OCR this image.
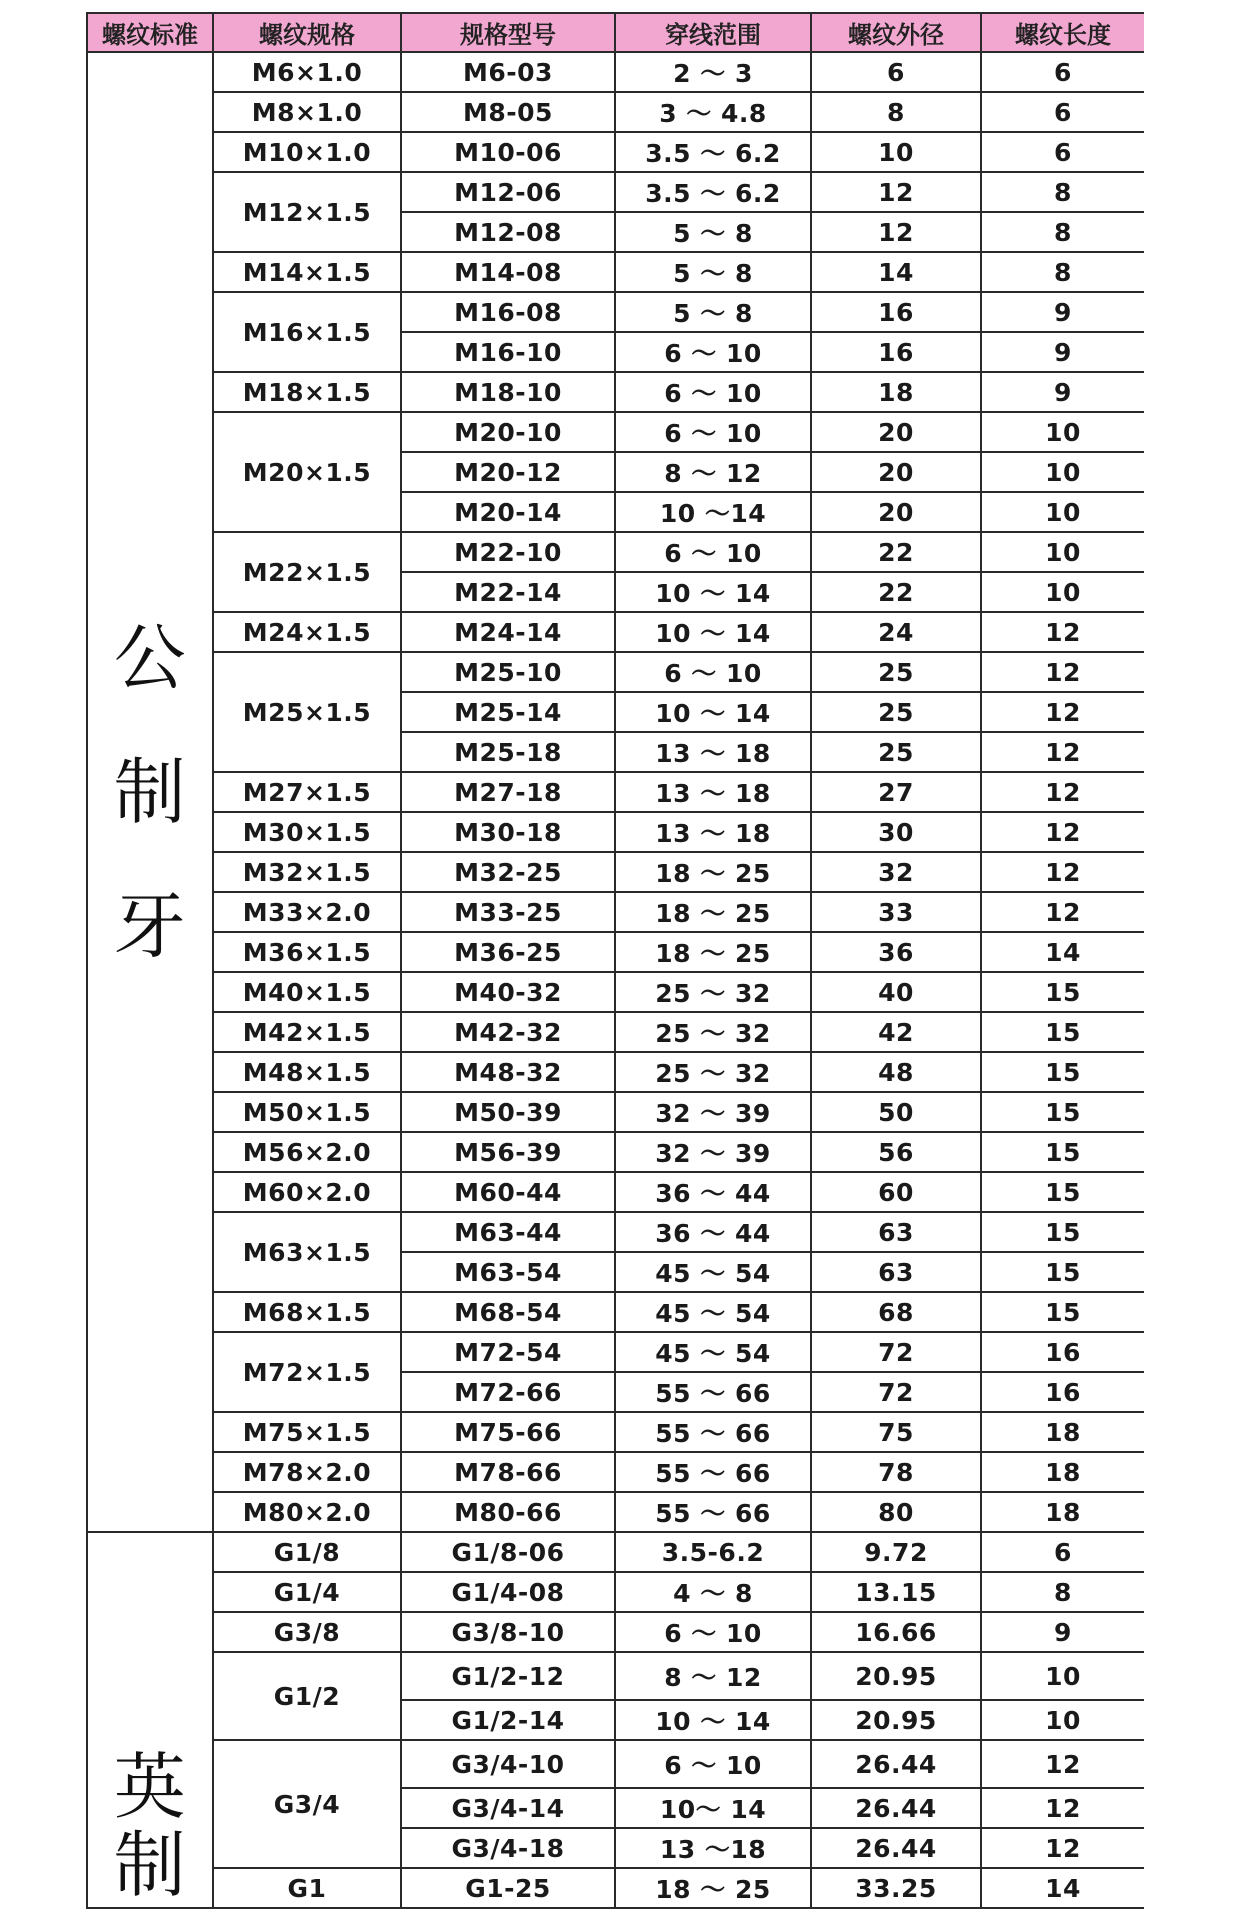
螺纹标准	螺纹规格	规格型号	穿线范围	螺纹外径	螺纹长度

公
制
牙	M6×1.0	M6-03	2 ～ 3	6	6
	M8×1.0	M8-05	3 ～ 4.8	8	6
	M10×1.0	M10-06	3.5 ～ 6.2	10	6
	M12×1.5	M12-06	3.5 ～ 6.2	12	8
		M12-08	5 ～ 8	12	8
	M14×1.5	M14-08	5 ～ 8	14	8
	M16×1.5	M16-08	5 ～ 8	16	9
		M16-10	6 ～ 10	16	9
	M18×1.5	M18-10	6 ～ 10	18	9
	M20×1.5	M20-10	6 ～ 10	20	10
		M20-12	8 ～ 12	20	10
		M20-14	10 ～14	20	10
	M22×1.5	M22-10	6 ～ 10	22	10
		M22-14	10 ～ 14	22	10
	M24×1.5	M24-14	10 ～ 14	24	12
	M25×1.5	M25-10	6 ～ 10	25	12
		M25-14	10 ～ 14	25	12
		M25-18	13 ～ 18	25	12
	M27×1.5	M27-18	13 ～ 18	27	12
	M30×1.5	M30-18	13 ～ 18	30	12
	M32×1.5	M32-25	18 ～ 25	32	12
	M33×2.0	M33-25	18 ～ 25	33	12
	M36×1.5	M36-25	18 ～ 25	36	14
	M40×1.5	M40-32	25 ～ 32	40	15
	M42×1.5	M42-32	25 ～ 32	42	15
	M48×1.5	M48-32	25 ～ 32	48	15
	M50×1.5	M50-39	32 ～ 39	50	15
	M56×2.0	M56-39	32 ～ 39	56	15
	M60×2.0	M60-44	36 ～ 44	60	15
	M63×1.5	M63-44	36 ～ 44	63	15
		M63-54	45 ～ 54	63	15
	M68×1.5	M68-54	45 ～ 54	68	15
	M72×1.5	M72-54	45 ～ 54	72	16
		M72-66	55 ～ 66	72	16
	M75×1.5	M75-66	55 ～ 66	75	18
	M78×2.0	M78-66	55 ～ 66	78	18
	M80×2.0	M80-66	55 ～ 66	80	18

英
制	G1/8	G1/8-06	3.5-6.2	9.72	6
	G1/4	G1/4-08	4 ～ 8	13.15	8
	G3/8	G3/8-10	6 ～ 10	16.66	9
	G1/2	G1/2-12	8 ～ 12	20.95	10
		G1/2-14	10 ～ 14	20.95	10
	G3/4	G3/4-10	6 ～ 10	26.44	12
		G3/4-14	10～ 14	26.44	12
		G3/4-18	13 ～18	26.44	12
	G1	G1-25	18 ～ 25	33.25	14
